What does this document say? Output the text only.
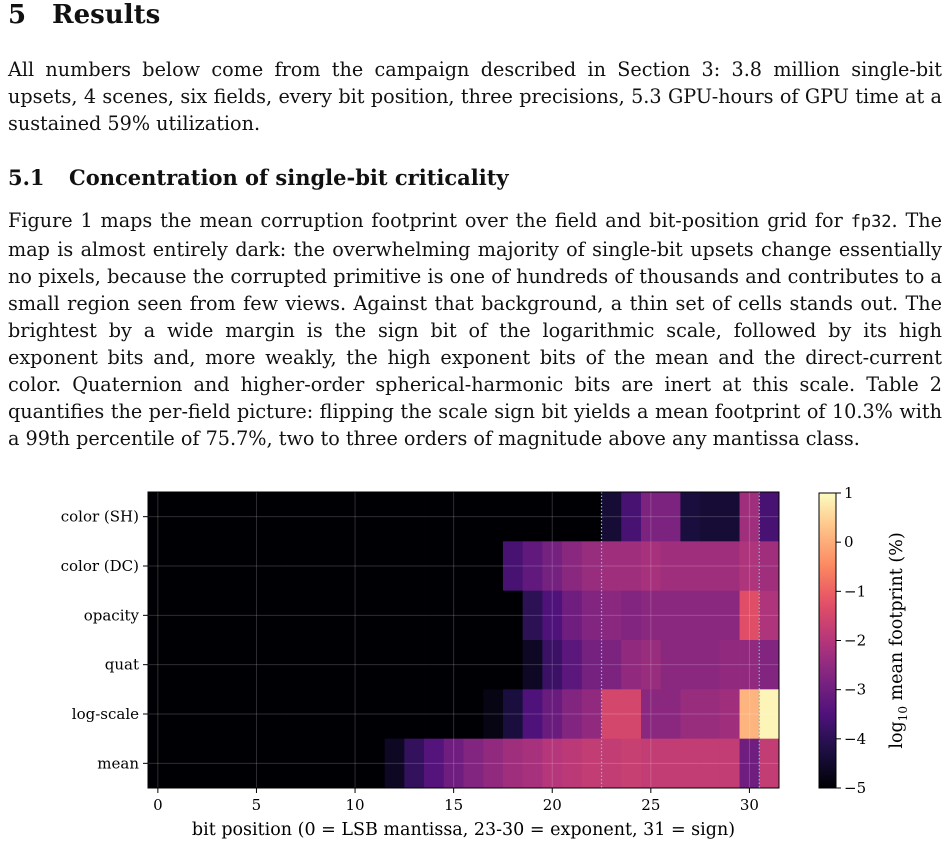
5 Results

All numbers below come from the campaign described in Section 3: 3.8 million single-bit upsets, 4 scenes, six fields, every bit position, three precisions, 5.3 GPU-hours of GPU time at a sustained 59% utilization.

5.1 Concentration of single-bit criticality

Figure 1 maps the mean corruption footprint over the field and bit-position grid for fp32. The map is almost entirely dark: the overwhelming majority of single-bit upsets change essentially no pixels, because the corrupted primitive is one of hundreds of thousands and contributes to a small region seen from few views. Against that background, a thin set of cells stands out. The brightest by a wide margin is the sign bit of the logarithmic scale, followed by its high exponent bits and, more weakly, the high exponent bits of the mean and the direct-current color. Quaternion and higher-order spherical-harmonic bits are inert at this scale. Table 2 quantifies the per-field picture: flipping the scale sign bit yields a mean footprint of 10.3% with a 99th percentile of 75.7%, two to three orders of magnitude above any mantissa class.

0	5	10	15	20	25	30
color (SH)
color (DC)
opacity
quat
log-scale
mean
bit position (0 = LSB mantissa, 23-30 = exponent, 31 = sign)
1
0
−1
−2
−3
−4
−5
$\log_{10}$ mean footprint (%)
